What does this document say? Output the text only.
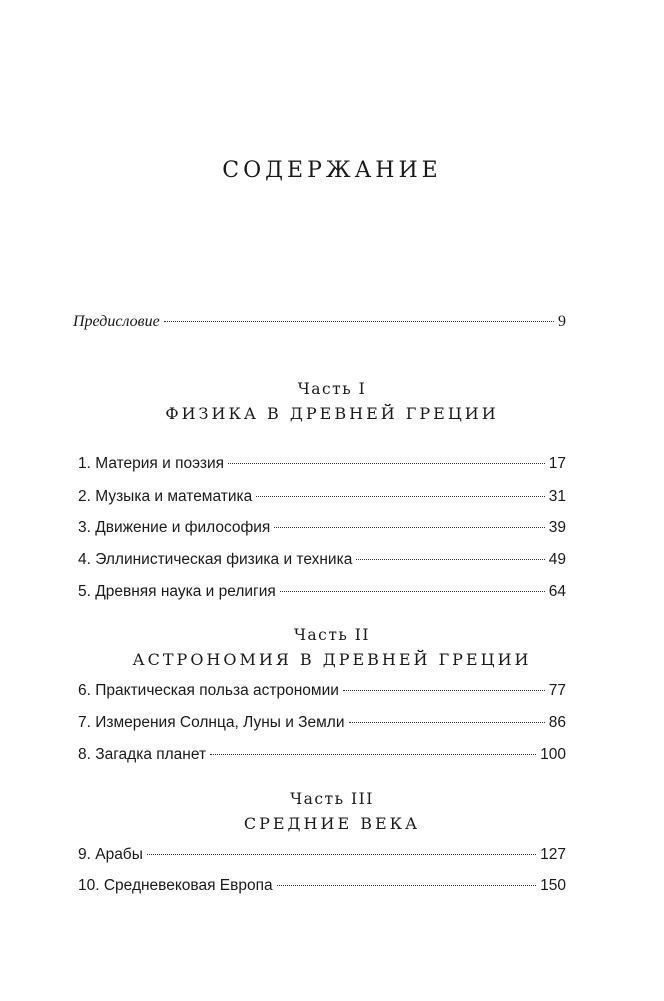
СОДЕРЖАНИЕ
Предисловие	9
Часть I
ФИЗИКА В ДРЕВНЕЙ ГРЕЦИИ
1. Материя и поэзия	17
2. Музыка и математика	31
3. Движение и философия	39
4. Эллинистическая физика и техника	49
5. Древняя наука и религия	64
Часть II
АСТРОНОМИЯ В ДРЕВНЕЙ ГРЕЦИИ
6. Практическая польза астрономии	77
7. Измерения Солнца, Луны и Земли	86
8. Загадка планет	100
Часть III
СРЕДНИЕ ВЕКА
9. Арабы	127
10. Средневековая Европа	150
